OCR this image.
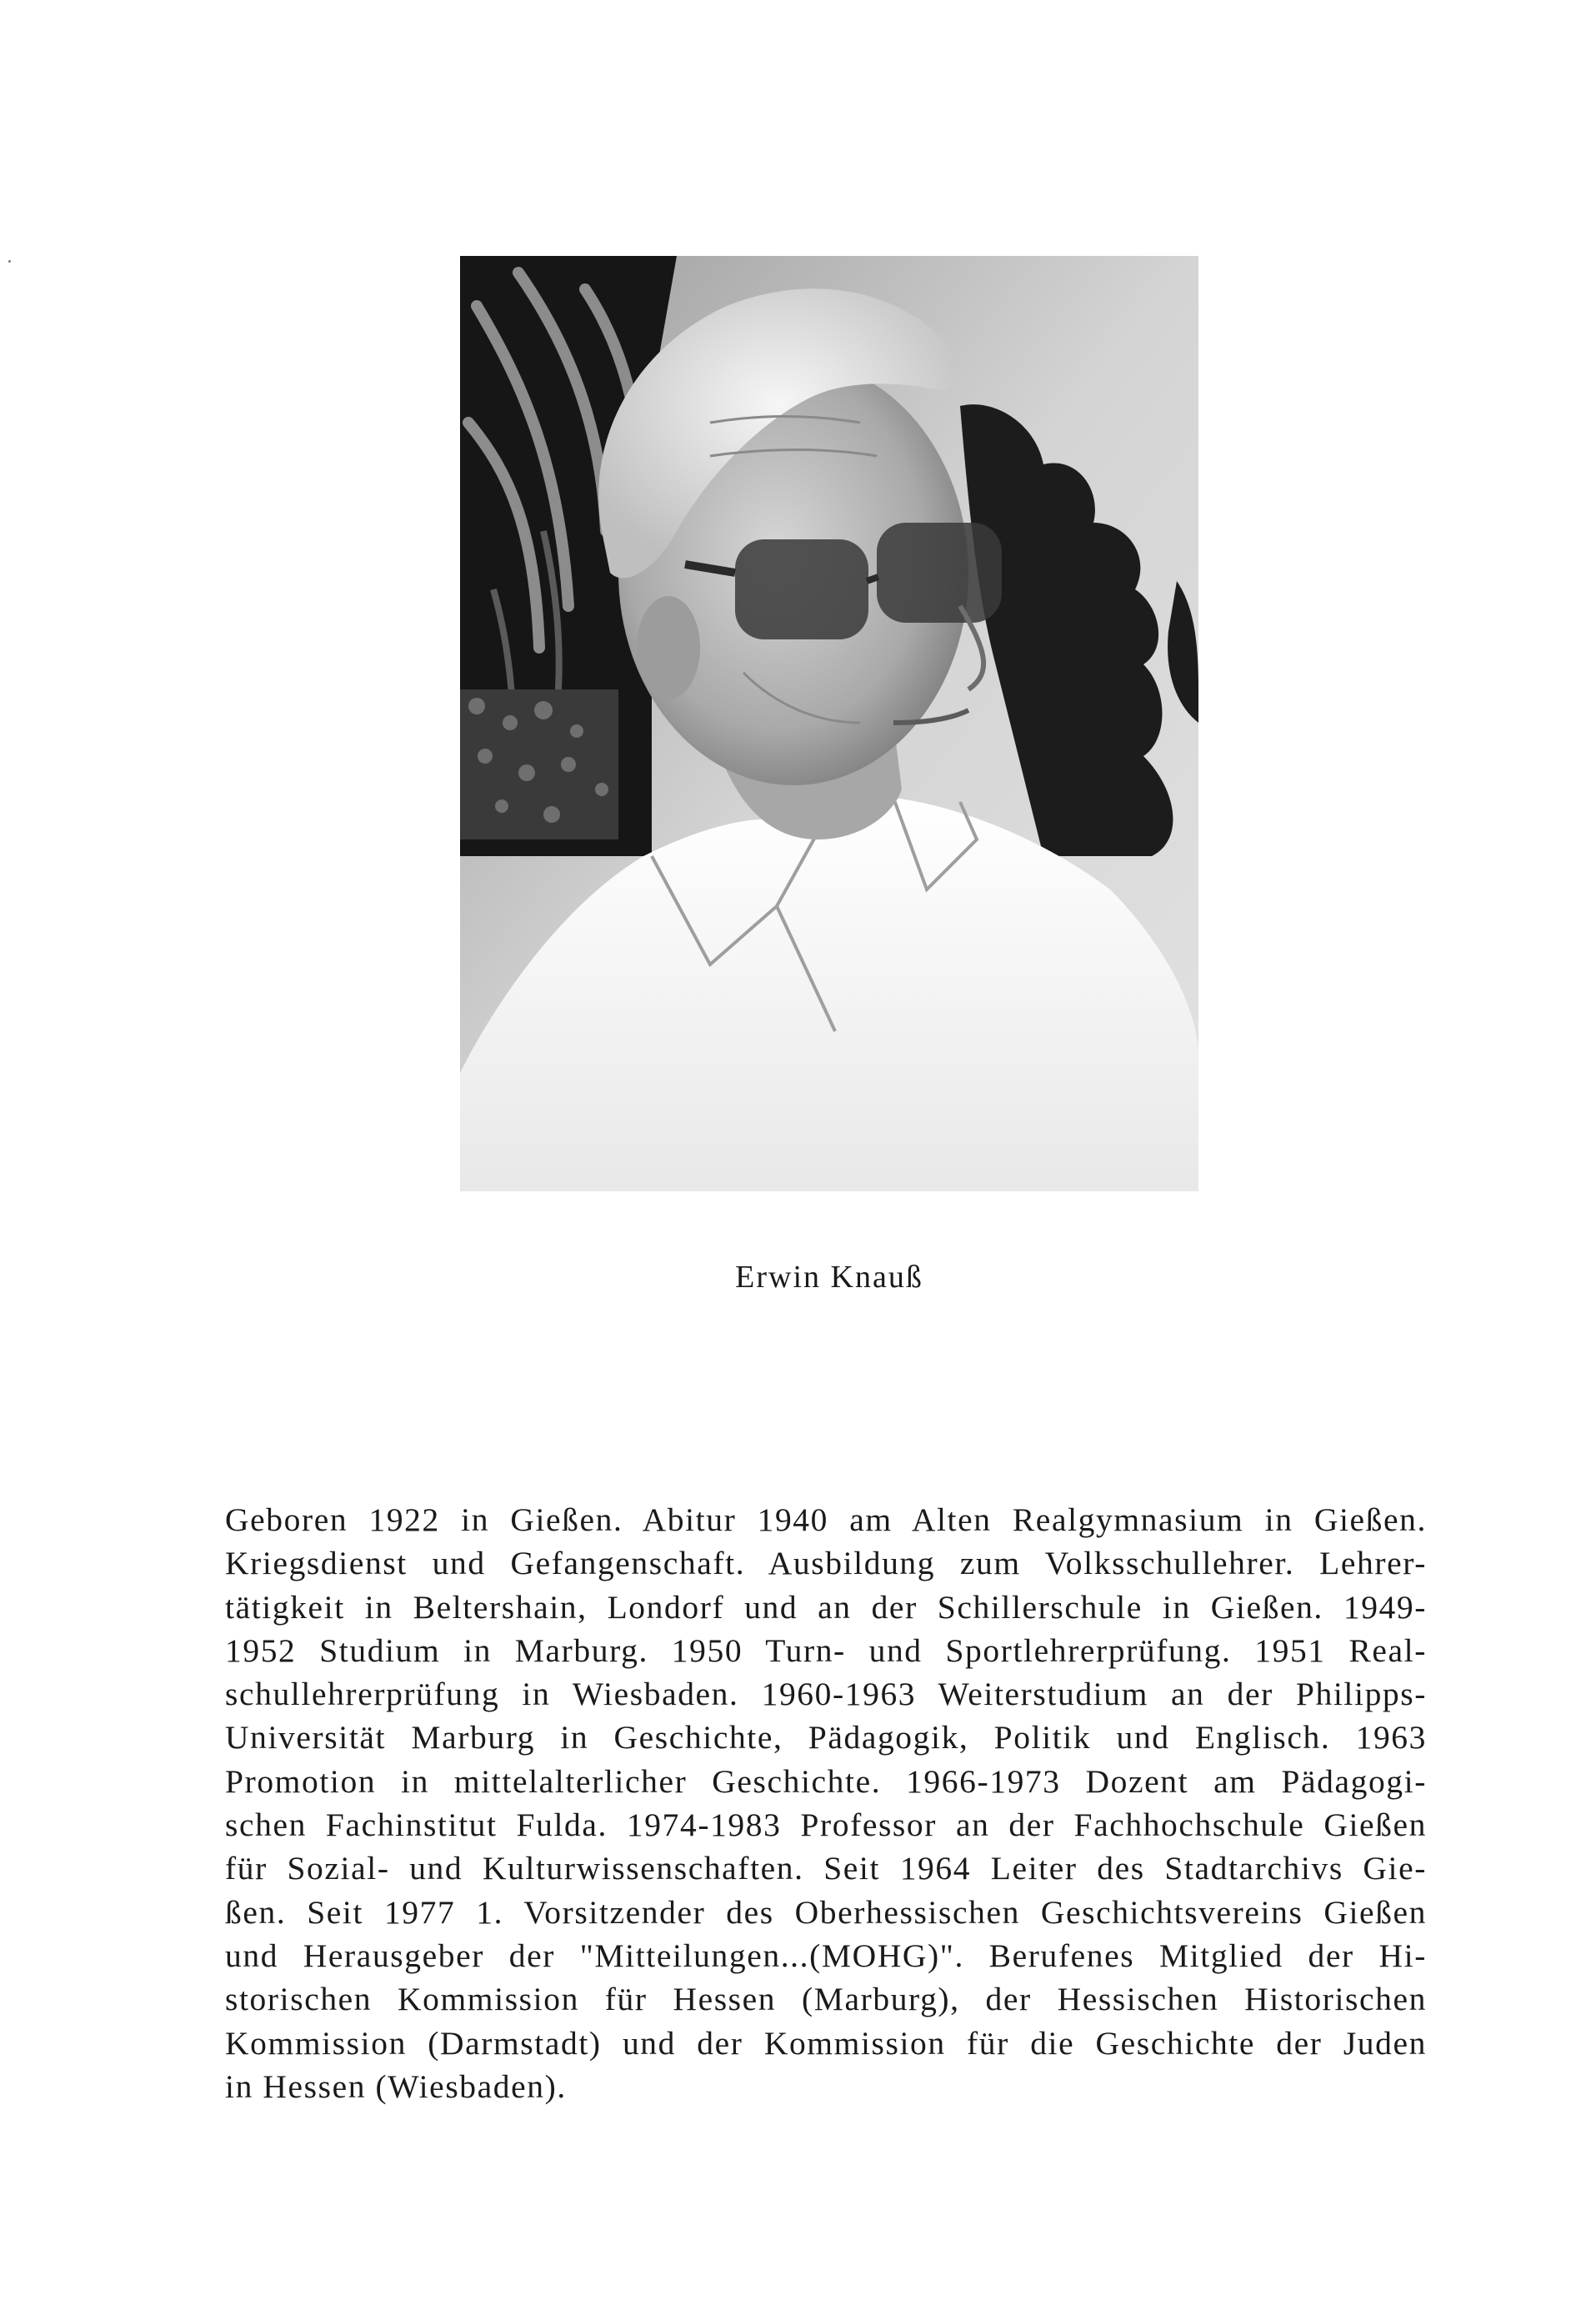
Erwin Knauß

Geboren 1922 in Gießen. Abitur 1940 am Alten Realgymnasium in Gießen.
Kriegsdienst und Gefangenschaft. Ausbildung zum Volksschullehrer. Lehrer-
tätigkeit in Beltershain, Londorf und an der Schillerschule in Gießen. 1949-
1952 Studium in Marburg. 1950 Turn- und Sportlehrerprüfung. 1951 Real-
schullehrerprüfung in Wiesbaden. 1960-1963 Weiterstudium an der Philipps-
Universität Marburg in Geschichte, Pädagogik, Politik und Englisch. 1963
Promotion in mittelalterlicher Geschichte. 1966-1973 Dozent am Pädagogi-
schen Fachinstitut Fulda. 1974-1983 Professor an der Fachhochschule Gießen
für Sozial- und Kulturwissenschaften. Seit 1964 Leiter des Stadtarchivs Gie-
ßen. Seit 1977 1. Vorsitzender des Oberhessischen Geschichtsvereins Gießen
und Herausgeber der "Mitteilungen...(MOHG)". Berufenes Mitglied der Hi-
storischen Kommission für Hessen (Marburg), der Hessischen Historischen
Kommission (Darmstadt) und der Kommission für die Geschichte der Juden
in Hessen (Wiesbaden).
